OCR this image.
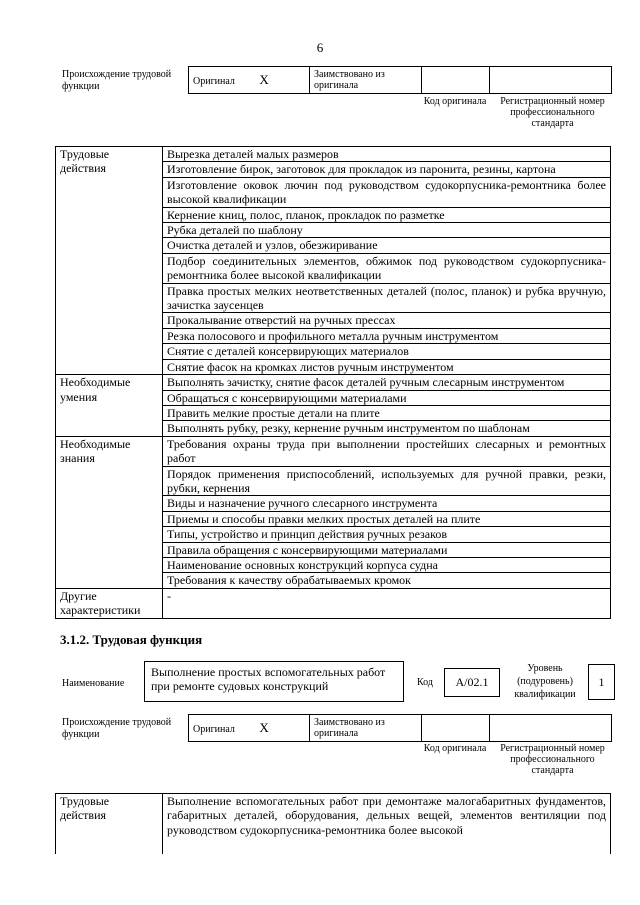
6
Происхождение трудовой функции	Оригинал X	Заимствовано из оригинала		
Код оригинала	Регистрационный номер профессионального стандарта
Трудовые действия	Вырезка деталей малых размеров
	Изготовление бирок, заготовок для прокладок из паронита, резины, картона
	Изготовление оковок лючин под руководством судокорпусника-ремонтника более высокой квалификации
	Кернение книц, полос, планок, прокладок по разметке
	Рубка деталей по шаблону
	Очистка деталей и узлов, обезжиривание
	Подбор соединительных элементов, обжимок под руководством судокорпусника-ремонтника более высокой квалификации
	Правка простых мелких неответственных деталей (полос, планок) и рубка вручную, зачистка заусенцев
	Прокалывание отверстий на ручных прессах
	Резка полосового и профильного металла ручным инструментом
	Снятие с деталей консервирующих материалов
	Снятие фасок на кромках листов ручным инструментом
Необходимые умения	Выполнять зачистку, снятие фасок деталей ручным слесарным инструментом
	Обращаться с консервирующими материалами
	Править мелкие простые детали на плите
	Выполнять рубку, резку, кернение ручным инструментом по шаблонам
Необходимые знания	Требования охраны труда при выполнении простейших слесарных и ремонтных работ
	Порядок применения приспособлений, используемых для ручной правки, резки, рубки, кернения
	Виды и назначение ручного слесарного инструмента
	Приемы и способы правки мелких простых деталей на плите
	Типы, устройство и принцип действия ручных резаков
	Правила обращения с консервирующими материалами
	Наименование основных конструкций корпуса судна
	Требования к качеству обрабатываемых кромок
Другие характеристики	-
3.1.2. Трудовая функция
Наименование
Выполнение простых вспомогательных работ при ремонте судовых конструкций	Код	A/02.1
Уровень (подуровень) квалификации
1
Происхождение трудовой функции	Оригинал X	Заимствовано из оригинала		
Код оригинала	Регистрационный номер профессионального стандарта
Трудовые действия	Выполнение вспомогательных работ при демонтаже малогабаритных фундаментов, габаритных деталей, оборудования, дельных вещей, элементов вентиляции под руководством судокорпусника-ремонтника более высокой
